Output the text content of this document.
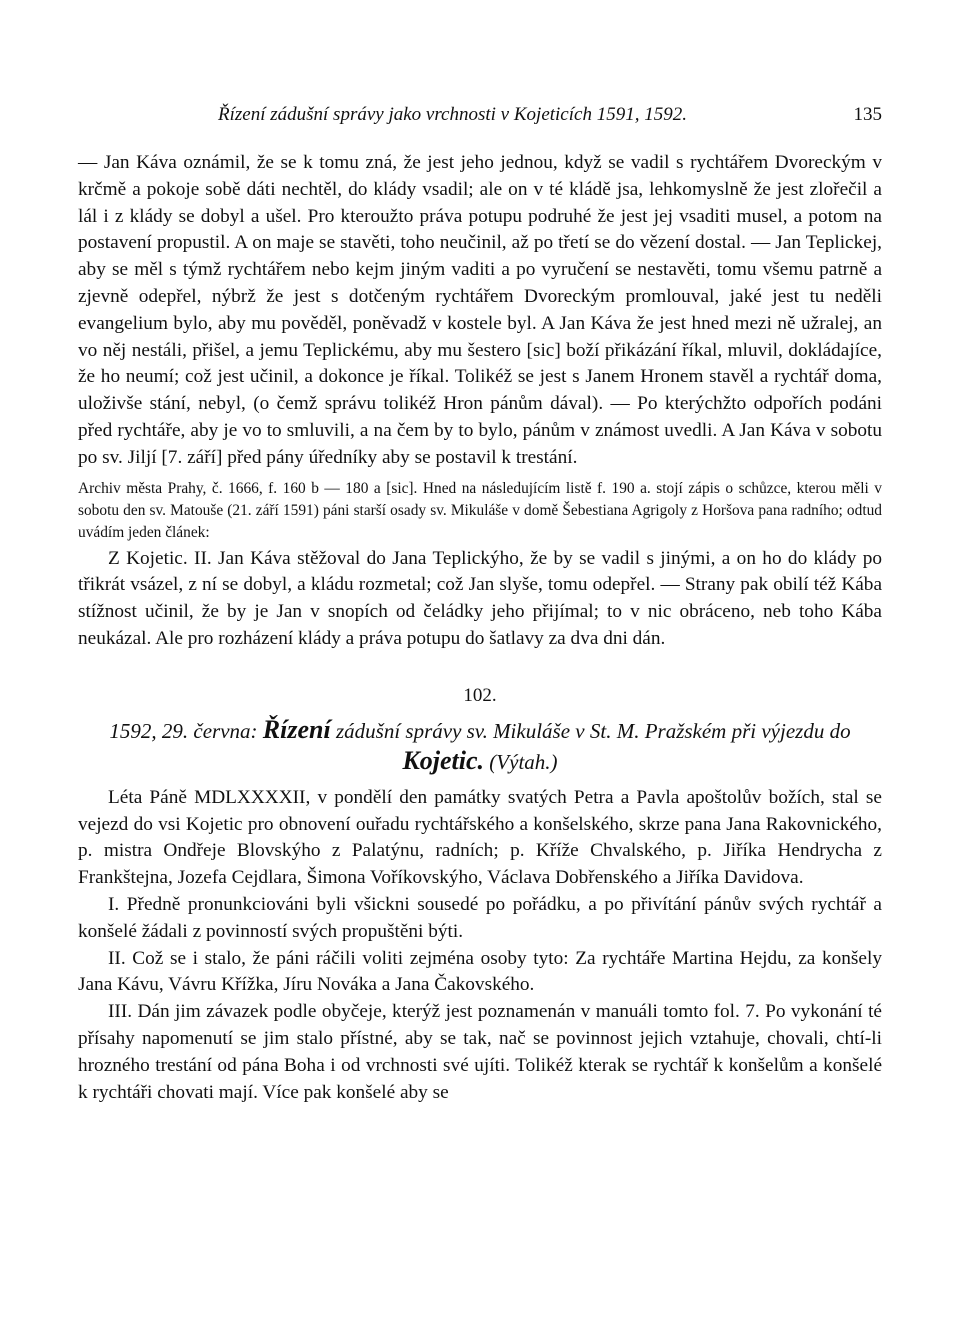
Řízení zádušní správy jako vrchnosti v Kojeticích 1591, 1592.	135

— Jan Káva oznámil, že se k tomu zná, že jest jeho jednou, když se vadil s rychtářem Dvoreckým v krčmě a pokoje sobě dáti nechtěl, do klády vsadil; ale on v té kládě jsa, lehkomyslně že jest zlořečil a lál i z klády se dobyl a ušel. Pro kteroužto práva potupu podruhé že jest jej vsaditi musel, a potom na postavení propustil. A on maje se stavěti, toho neučinil, až po třetí se do vězení dostal. — Jan Teplickej, aby se měl s týmž rychtářem nebo kejm jiným vaditi a po vyručení se nestavěti, tomu všemu patrně a zjevně odepřel, nýbrž že jest s dotčeným rychtářem Dvoreckým promlouval, jaké jest tu neděli evangelium bylo, aby mu pověděl, poněvadž v kostele byl. A Jan Káva že jest hned mezi ně užralej, an vo něj nestáli, přišel, a jemu Teplickému, aby mu šestero [sic] boží přikázání říkal, mluvil, dokládajíce, že ho neumí; což jest učinil, a dokonce je říkal. Tolikéž se jest s Janem Hronem stavěl a rychtář doma, uloživše stání, nebyl, (o čemž správu tolikéž Hron pánům dával). — Po kterýchžto odpořích podáni před rychtáře, aby je vo to smluvili, a na čem by to bylo, pánům v známost uvedli. A Jan Káva v sobotu po sv. Jiljí [7. září] před pány úředníky aby se postavil k trestání.

Archiv města Prahy, č. 1666, f. 160 b — 180 a [sic]. Hned na následujícím listě f. 190 a. stojí zápis o schůzce, kterou měli v sobotu den sv. Matouše (21. září 1591) páni starší osady sv. Mikuláše v domě Šebestiana Agrigoly z Horšova pana radního; odtud uvádím jeden článek:

Z Kojetic. II. Jan Káva stěžoval do Jana Teplickýho, že by se vadil s jinými, a on ho do klády po třikrát vsázel, z ní se dobyl, a kládu rozmetal; což Jan slyše, tomu odepřel. — Strany pak obilí též Kába stížnost učinil, že by je Jan v snopích od čeládky jeho přijímal; to v nic obráceno, neb toho Kába neukázal. Ale pro rozházení klády a práva potupu do šatlavy za dva dni dán.

102.
1592, 29. června: Řízení zádušní správy sv. Mikuláše v St. M. Pražském při výjezdu do Kojetic. (Výtah.)

Léta Páně MDLXXXXII, v pondělí den památky svatých Petra a Pavla apoštolův božích, stal se vejezd do vsi Kojetic pro obnovení ouřadu rychtářského a konšelského, skrze pana Jana Rakovnického, p. mistra Ondřeje Blovskýho z Palatýnu, radních; p. Kříže Chvalského, p. Jiříka Hendrycha z Frankštejna, Jozefa Cejdlara, Šimona Voříkovskýho, Václava Dobřenského a Jiříka Davidova.

I. Předně pronunkciováni byli všickni sousedé po pořádku, a po přivítání pánův svých rychtář a konšelé žádali z povinností svých propuštěni býti.

II. Což se i stalo, že páni ráčili voliti zejména osoby tyto: Za rychtáře Martina Hejdu, za konšely Jana Kávu, Vávru Křížka, Jíru Nováka a Jana Čakovského.

III. Dán jim závazek podle obyčeje, kterýž jest poznamenán v manuáli tomto fol. 7. Po vykonání té přísahy napomenutí se jim stalo přístné, aby se tak, nač se povinnost jejich vztahuje, chovali, chtí-li hrozného trestání od pána Boha i od vrchnosti své ujíti. Tolikéž kterak se rychtář k konšelům a konšelé k rychtáři chovati mají. Více pak konšelé aby se
